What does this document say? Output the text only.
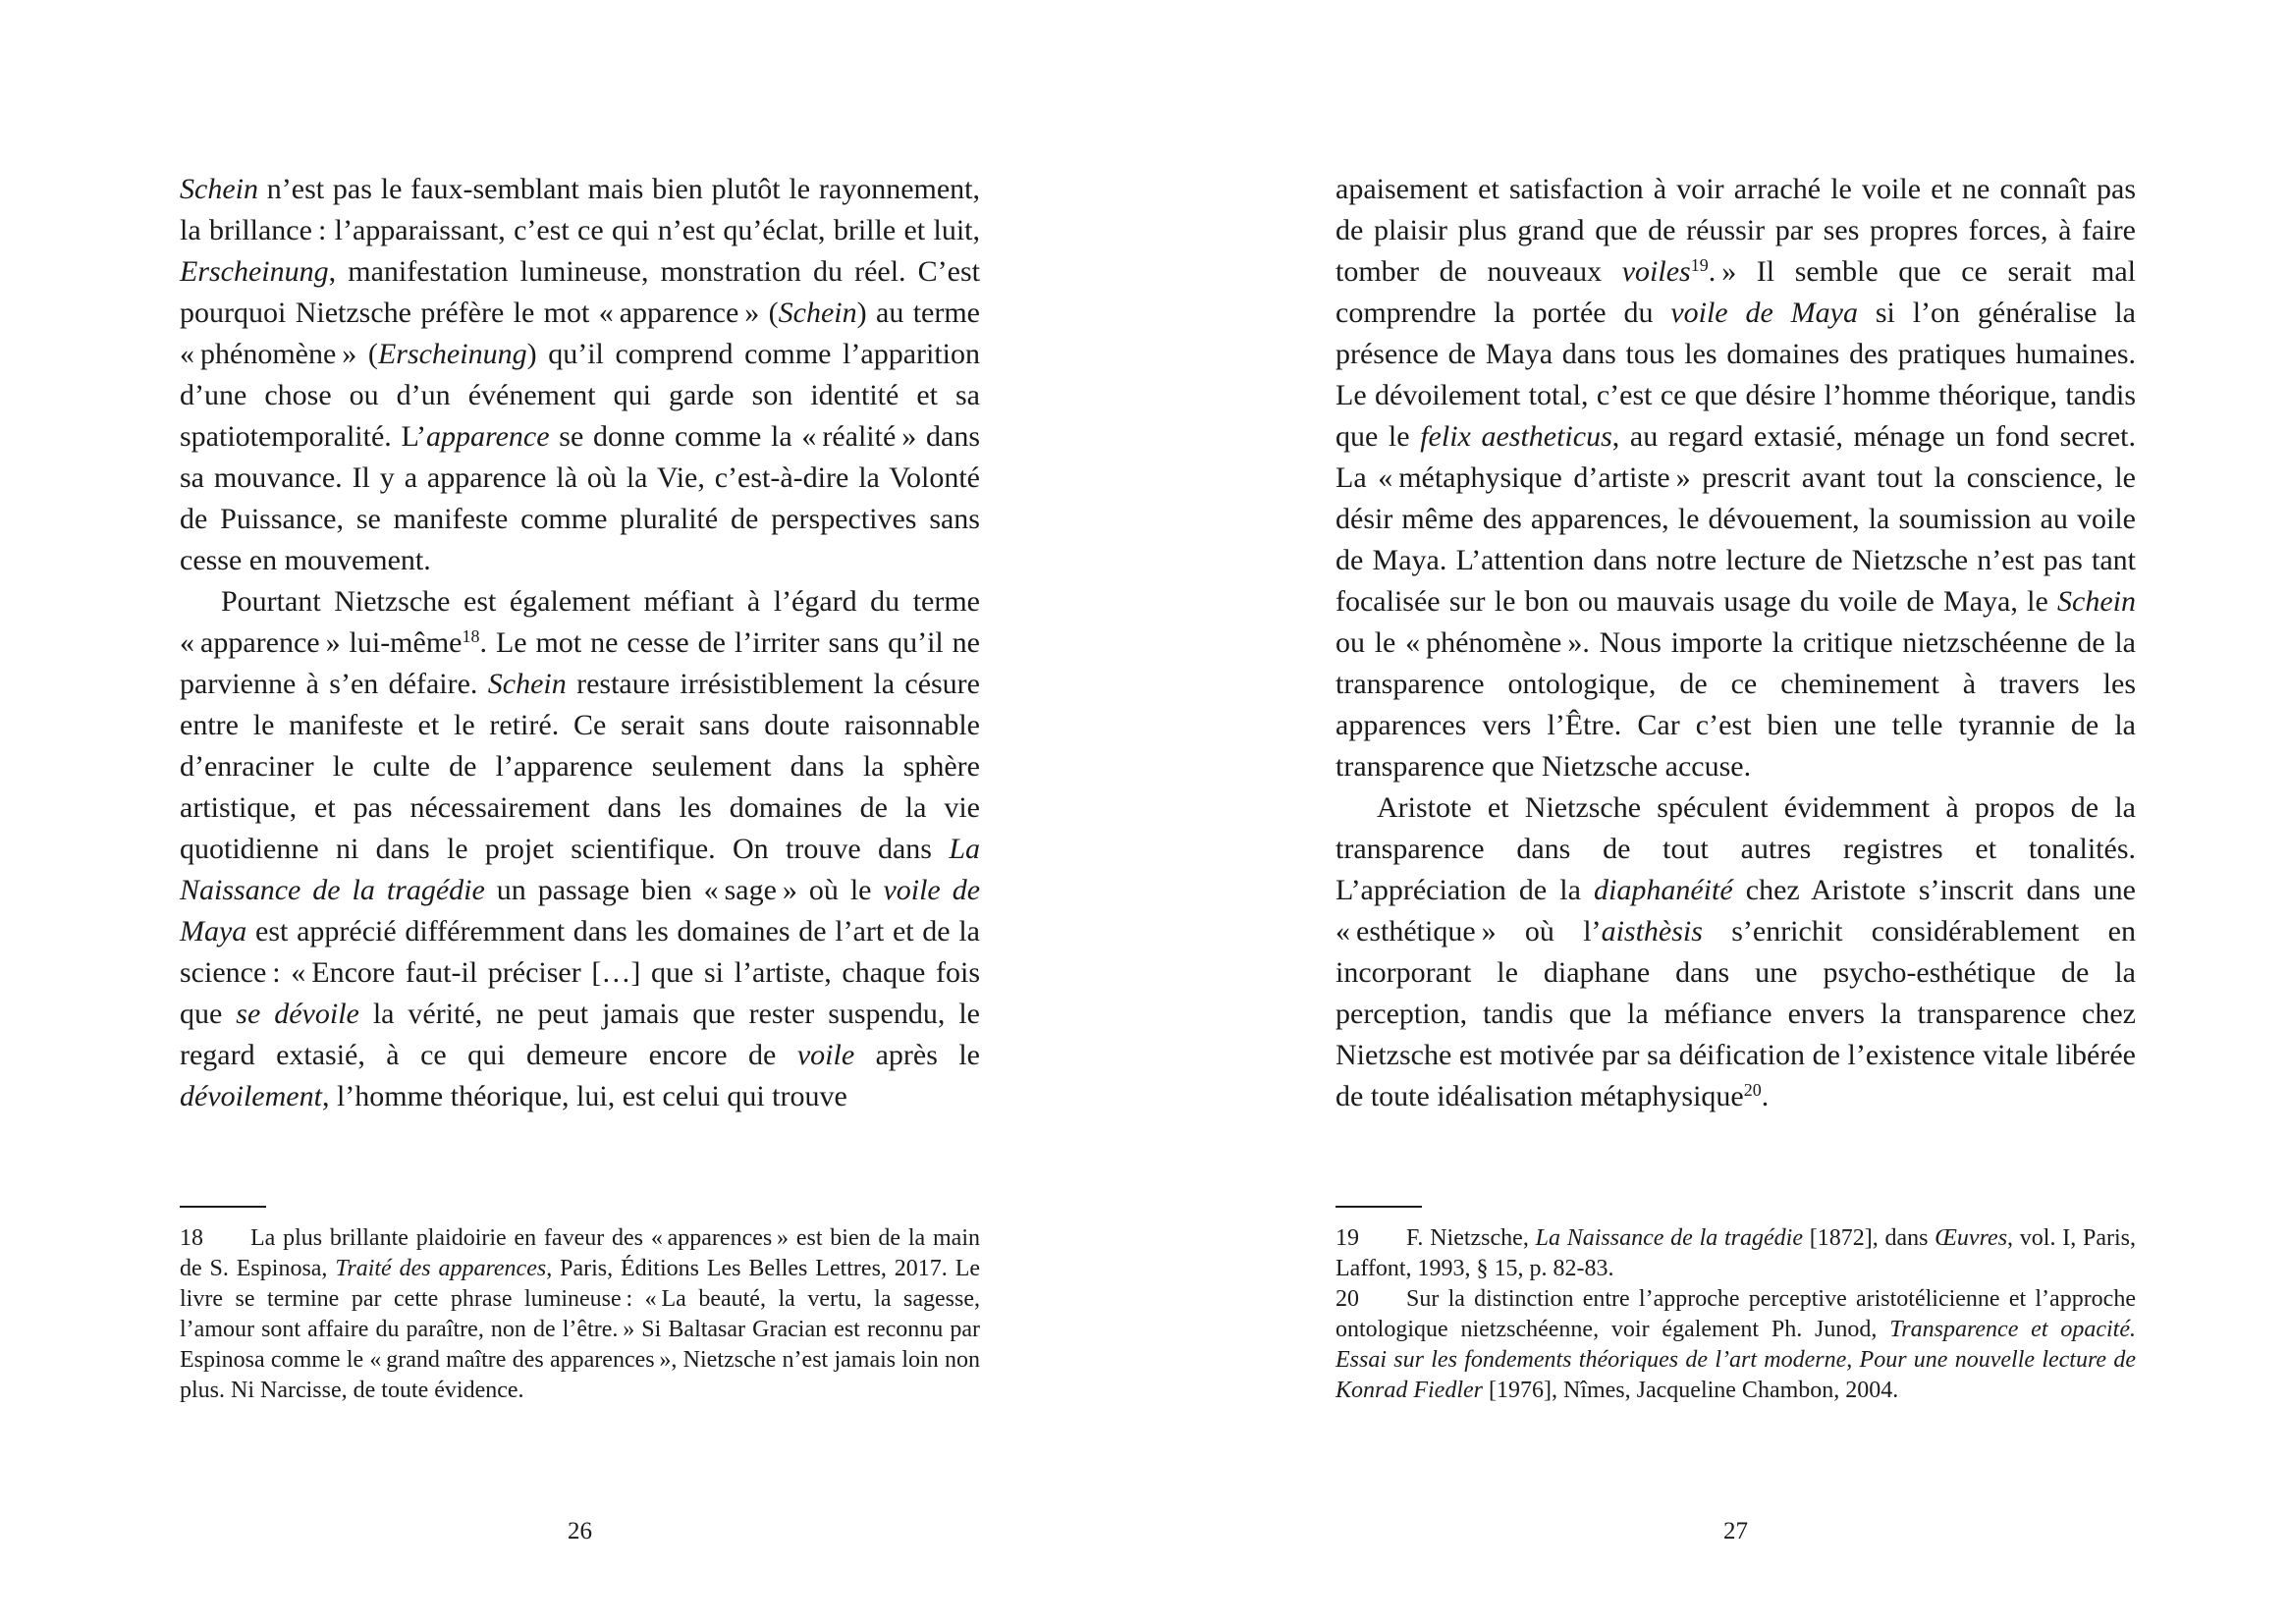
Schein n’est pas le faux-semblant mais bien plutôt le rayonnement, la brillance : l’apparaissant, c’est ce qui n’est qu’éclat, brille et luit, Erscheinung, manifestation lumineuse, monstration du réel. C’est pourquoi Nietzsche préfère le mot « apparence » (Schein) au terme « phénomène » (Erscheinung) qu’il comprend comme l’apparition d’une chose ou d’un événement qui garde son identité et sa spatiotemporalité. L’apparence se donne comme la « réalité » dans sa mouvance. Il y a apparence là où la Vie, c’est-à-dire la Volonté de Puissance, se manifeste comme pluralité de perspectives sans cesse en mouvement.

Pourtant Nietzsche est également méfiant à l’égard du terme « apparence » lui-même$^{18}$. Le mot ne cesse de l’irriter sans qu’il ne parvienne à s’en défaire. Schein restaure irrésistiblement la césure entre le manifeste et le retiré. Ce serait sans doute raisonnable d’enraciner le culte de l’apparence seulement dans la sphère artistique, et pas nécessairement dans les domaines de la vie quotidienne ni dans le projet scientifique. On trouve dans La Naissance de la tragédie un passage bien « sage » où le voile de Maya est apprécié différemment dans les domaines de l’art et de la science : « Encore faut-il préciser […] que si l’artiste, chaque fois que se dévoile la vérité, ne peut jamais que rester suspendu, le regard extasié, à ce qui demeure encore de voile après le dévoilement, l’homme théorique, lui, est celui qui trouve

18  La plus brillante plaidoirie en faveur des « apparences » est bien de la main de S. Espinosa, Traité des apparences, Paris, Éditions Les Belles Lettres, 2017. Le livre se termine par cette phrase lumineuse : « La beauté, la vertu, la sagesse, l’amour sont affaire du paraître, non de l’être. » Si Baltasar Gracian est reconnu par Espinosa comme le « grand maître des apparences », Nietzsche n’est jamais loin non plus. Ni Narcisse, de toute évidence.

26

apaisement et satisfaction à voir arraché le voile et ne connaît pas de plaisir plus grand que de réussir par ses propres forces, à faire tomber de nouveaux voiles$^{19}$. » Il semble que ce serait mal comprendre la portée du voile de Maya si l’on généralise la présence de Maya dans tous les domaines des pratiques humaines. Le dévoilement total, c’est ce que désire l’homme théorique, tandis que le felix aestheticus, au regard extasié, ménage un fond secret. La « métaphysique d’artiste » prescrit avant tout la conscience, le désir même des apparences, le dévouement, la soumission au voile de Maya. L’attention dans notre lecture de Nietzsche n’est pas tant focalisée sur le bon ou mauvais usage du voile de Maya, le Schein ou le « phénomène ». Nous importe la critique nietzschéenne de la transparence ontologique, de ce cheminement à travers les apparences vers l’Être. Car c’est bien une telle tyrannie de la transparence que Nietzsche accuse.

Aristote et Nietzsche spéculent évidemment à propos de la transparence dans de tout autres registres et tonalités. L’appréciation de la diaphanéité chez Aristote s’inscrit dans une « esthétique » où l’aisthèsis s’enrichit considérablement en incorporant le diaphane dans une psycho-esthétique de la perception, tandis que la méfiance envers la transparence chez Nietzsche est motivée par sa déification de l’existence vitale libérée de toute idéalisation métaphysique$^{20}$.

19  F. Nietzsche, La Naissance de la tragédie [1872], dans Œuvres, vol. I, Paris, Laffont, 1993, § 15, p. 82-83.

20  Sur la distinction entre l’approche perceptive aristotélicienne et l’approche ontologique nietzschéenne, voir également Ph. Junod, Transparence et opacité. Essai sur les fondements théoriques de l’art moderne, Pour une nouvelle lecture de Konrad Fiedler [1976], Nîmes, Jacqueline Chambon, 2004.

27
